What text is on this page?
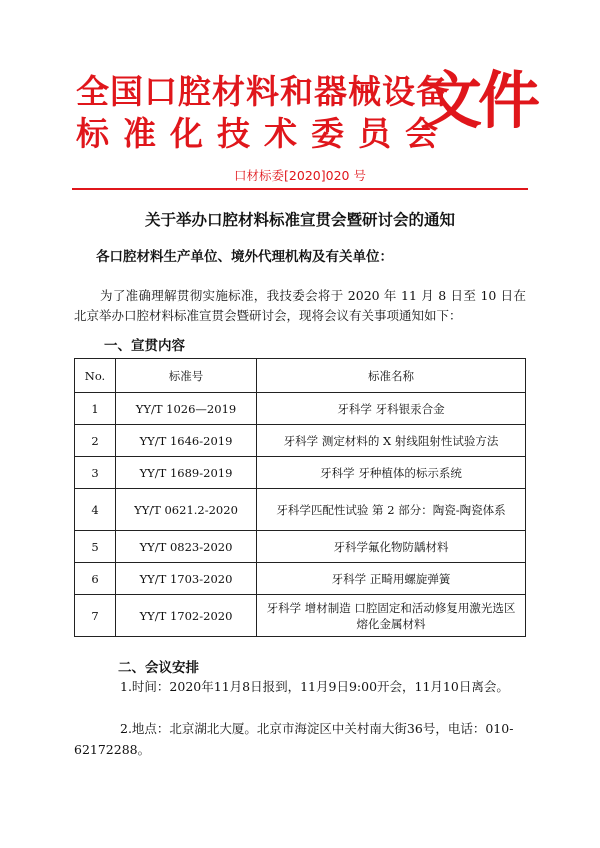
全国口腔材料和器械设备
标准化技术委员会
文件
口材标委[2020]020 号
关于举办口腔材料标准宣贯会暨研讨会的通知
各口腔材料生产单位、境外代理机构及有关单位：
为了准确理解贯彻实施标准，我技委会将于 2020 年 11 月 8 日至 10 日在北京举办口腔材料标准宣贯会暨研讨会，现将会议有关事项通知如下：
一、宣贯内容
No.	标准号	标准名称
1	YY/T 1026—2019	牙科学 牙科银汞合金
2	YY/T 1646-2019	牙科学 测定材料的 X 射线阻射性试验方法
3	YY/T 1689-2019	牙科学 牙种植体的标示系统
4	YY/T 0621.2-2020	牙科学匹配性试验 第 2 部分：陶瓷-陶瓷体系
5	YY/T 0823-2020	牙科学氟化物防龋材料
6	YY/T 1703-2020	牙科学 正畸用螺旋弹簧
7	YY/T 1702-2020	牙科学 增材制造 口腔固定和活动修复用激光选区熔化金属材料
二、会议安排
1.时间：2020年11月8日报到，11月9日9:00开会，11月10日离会。
2.地点：北京湖北大厦。北京市海淀区中关村南大街36号，电话：010-62172288。
